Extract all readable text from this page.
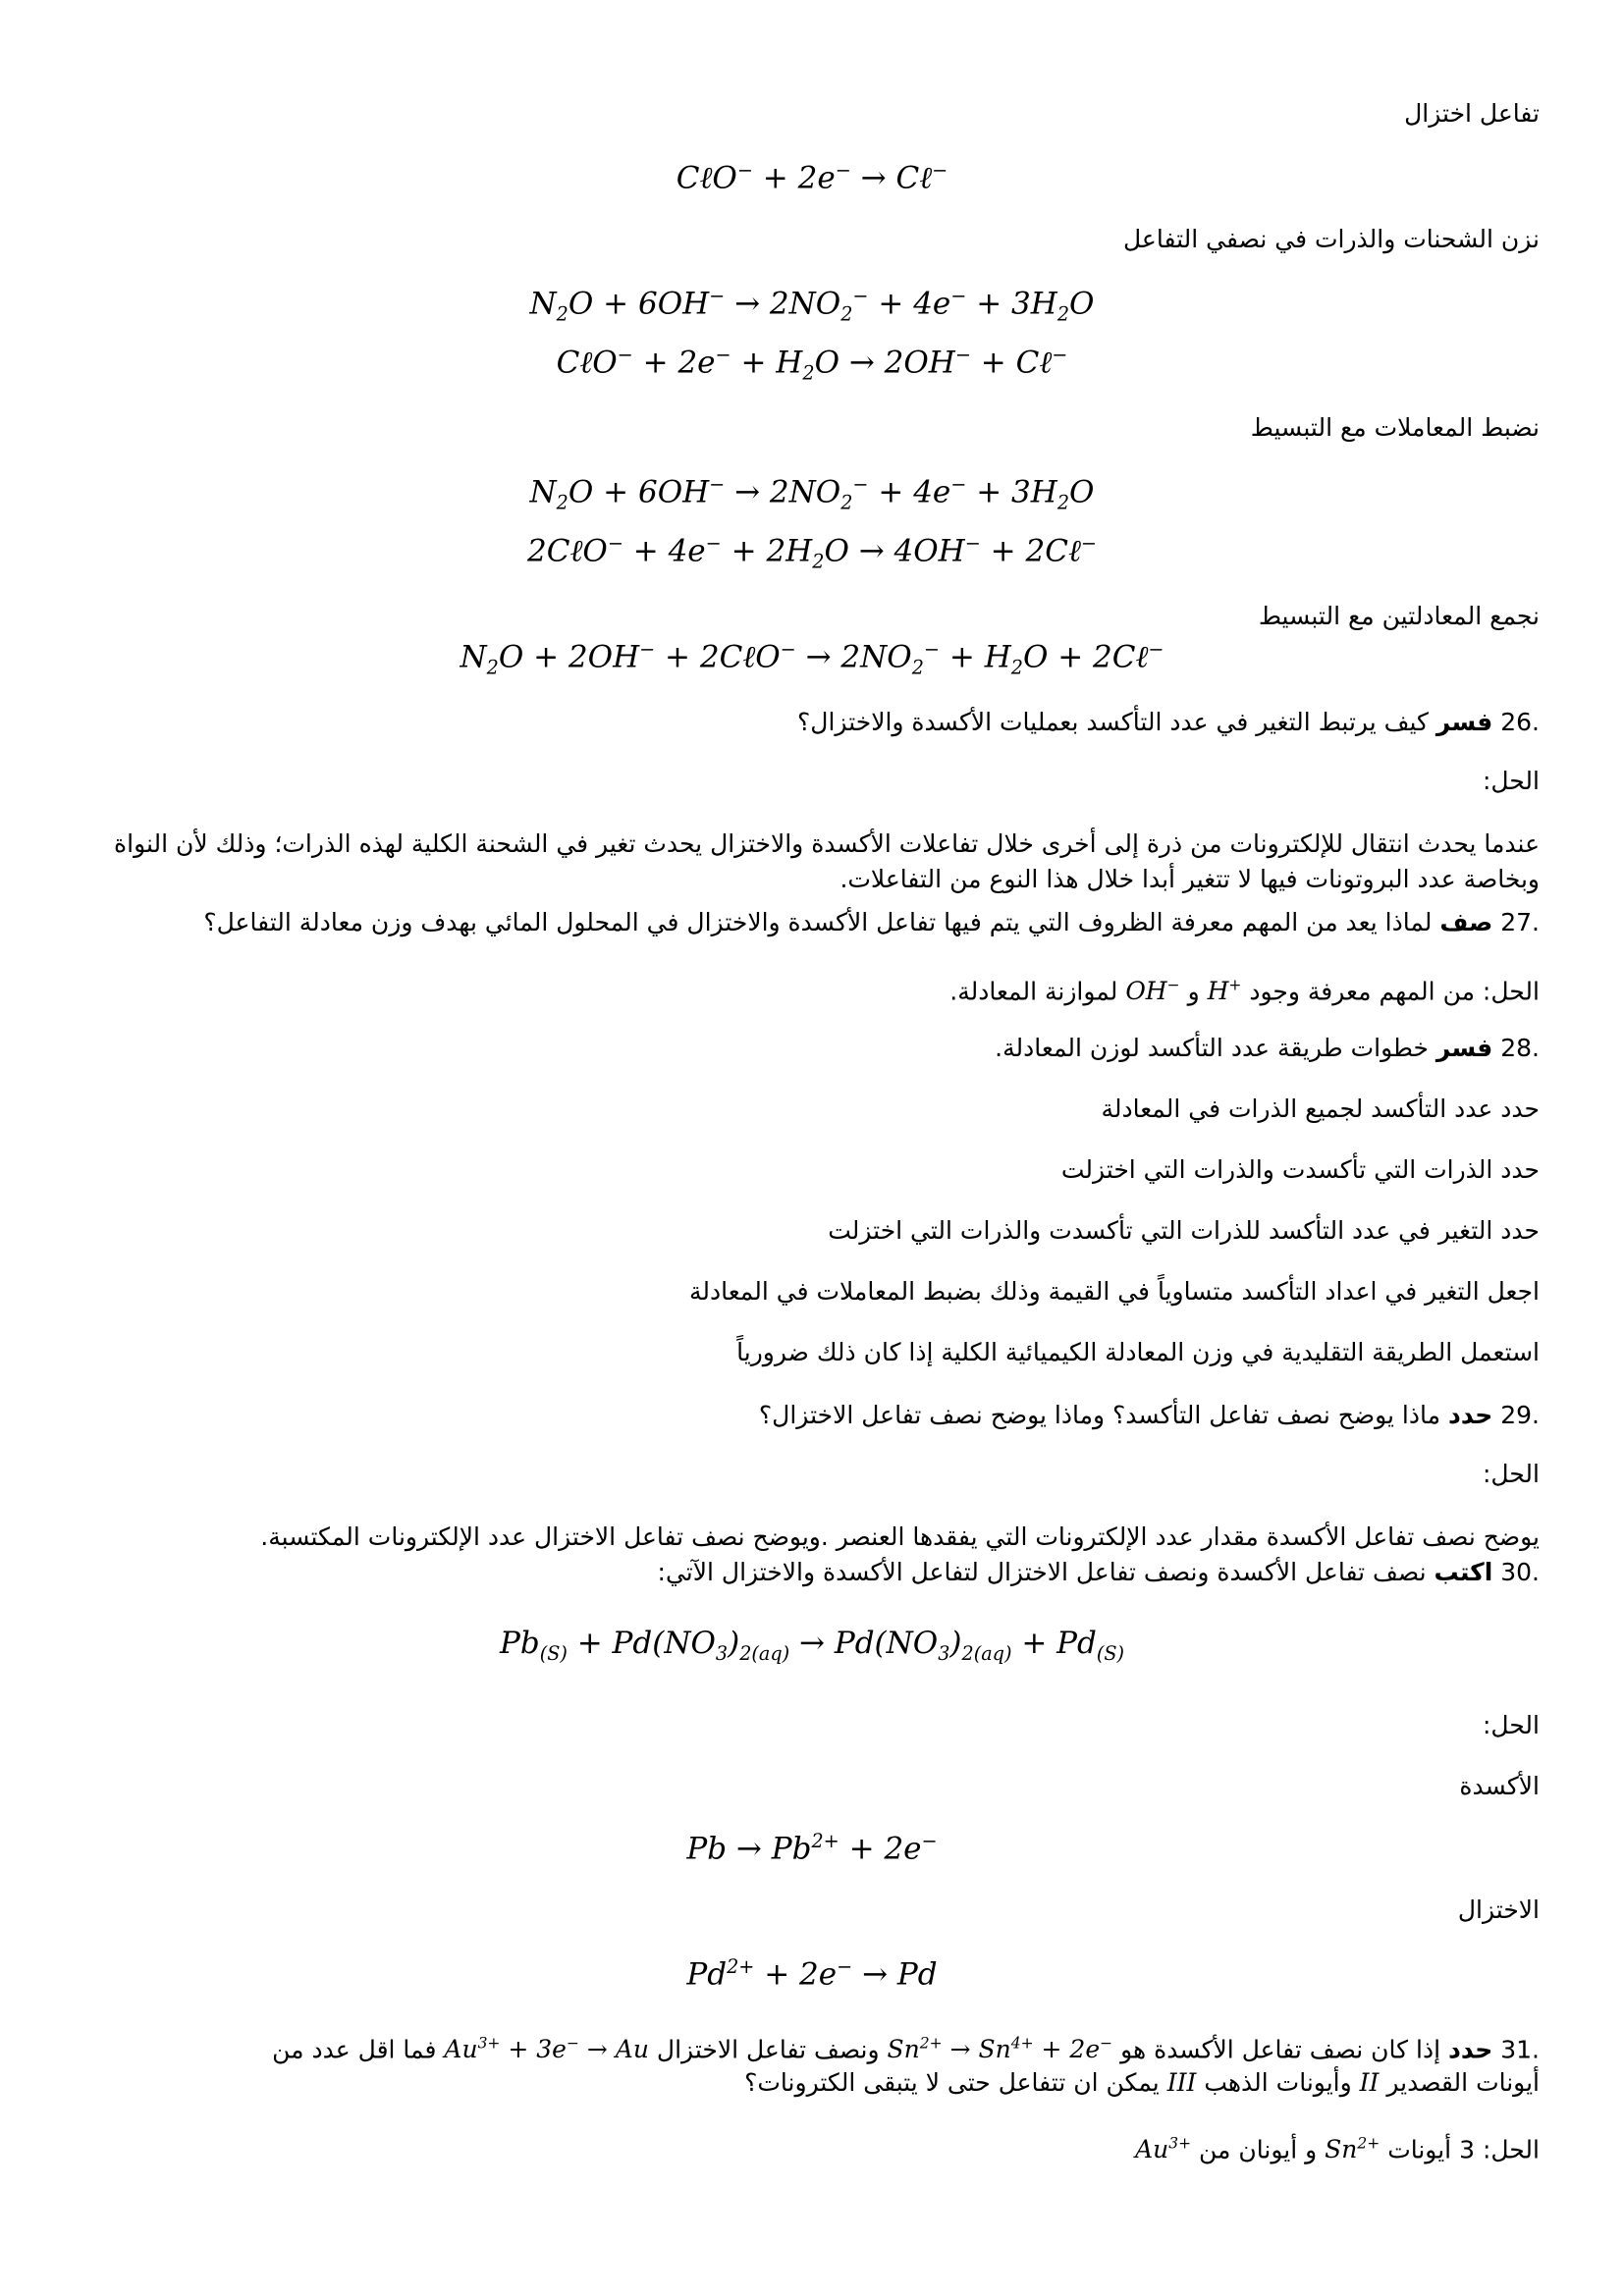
تفاعل اختزال
CℓO− + 2e− → Cℓ−
نزن الشحنات والذرات في نصفي التفاعل
$N_2O + 6OH^- \to 2NO_2^- + 4e^- + 3H_2O$
CℓO− + $2e^- + H_2O \to 2OH^-$ + Cℓ−
نضبط المعاملات مع التبسيط
$N_2O + 6OH^- \to 2NO_2^- + 4e^- + 3H_2O$
2CℓO− + $4e^- + 2H_2O \to 4OH^-$ + 2Cℓ−
نجمع المعادلتين مع التبسيط
$N_2O + 2OH^-$ + 2CℓO− → $2NO_2^- + H_2O$ + 2Cℓ−
26. فسر كيف يرتبط التغير في عدد التأكسد بعمليات الأكسدة والاختزال؟
الحل:
عندما يحدث انتقال للإلكترونات من ذرة إلى أخرى خلال تفاعلات الأكسدة والاختزال يحدث تغير في الشحنة الكلية لهذه الذرات؛ وذلك لأن النواة وبخاصة عدد البروتونات فيها لا تتغير أبدا خلال هذا النوع من التفاعلات.
27. صف لماذا يعد من المهم معرفة الظروف التي يتم فيها تفاعل الأكسدة والاختزال في المحلول المائي بهدف وزن معادلة التفاعل؟
الحل: من المهم معرفة وجود H+ و OH− لموازنة المعادلة.
28. فسر خطوات طريقة عدد التأكسد لوزن المعادلة.
حدد عدد التأكسد لجميع الذرات في المعادلة
حدد الذرات التي تأكسدت والذرات التي اختزلت
حدد التغير في عدد التأكسد للذرات التي تأكسدت والذرات التي اختزلت
اجعل التغير في اعداد التأكسد متساوياً في القيمة وذلك بضبط المعاملات في المعادلة
استعمل الطريقة التقليدية في وزن المعادلة الكيميائية الكلية إذا كان ذلك ضرورياً
29. حدد ماذا يوضح نصف تفاعل التأكسد؟ وماذا يوضح نصف تفاعل الاختزال؟
الحل:
يوضح نصف تفاعل الأكسدة مقدار عدد الإلكترونات التي يفقدها العنصر .ويوضح نصف تفاعل الاختزال عدد الإلكترونات المكتسبة.
30. اكتب نصف تفاعل الأكسدة ونصف تفاعل الاختزال لتفاعل الأكسدة والاختزال الآتي:
$Pb_{(S)} + Pd(NO_3)_{2(aq)} \to Pd(NO_3)_{2(aq)} + Pd_{(S)}$
الحل:
الأكسدة
$Pb \to Pb^{2+} + 2e^-$
الاختزال
$Pd^{2+} + 2e^- \to Pd$
31. حدد إذا كان نصف تفاعل الأكسدة هو $Sn^{2+} \to Sn^{4+} + 2e^-$ ونصف تفاعل الاختزال $Au^{3+} + 3e^- \to Au$ فما اقل عدد من
أيونات القصدير II وأيونات الذهب III يمكن ان تتفاعل حتى لا يتبقى الكترونات؟
الحل: 3 أيونات $Sn^{2+}$ و أيونان من $Au^{3+}$
